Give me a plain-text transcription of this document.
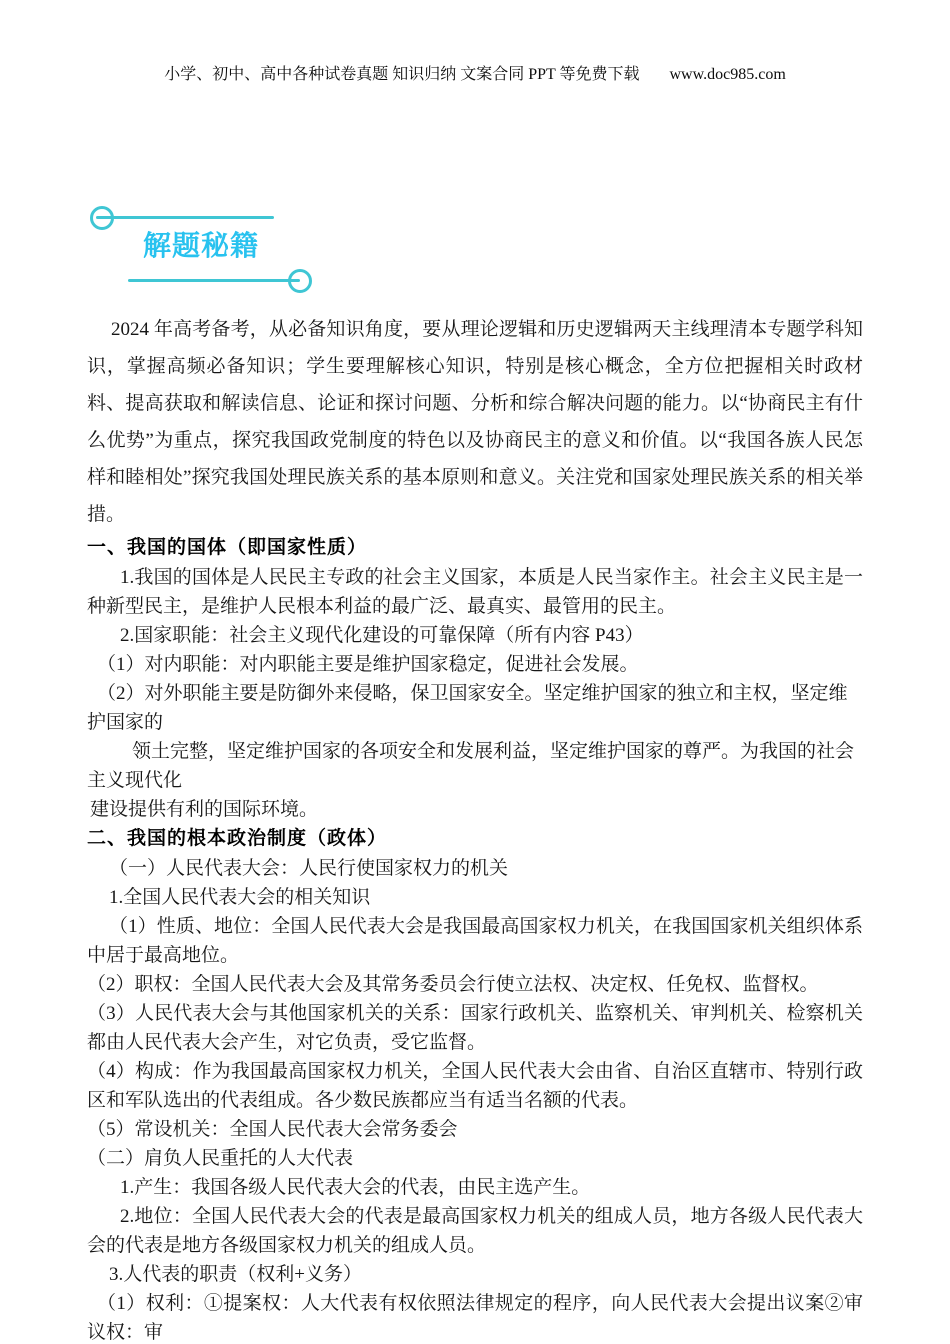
小学、初中、高中各种试卷真题 知识归纳 文案合同 PPT 等免费下载 www.doc985.com
解题秘籍

2024 年高考备考，从必备知识角度，要从理论逻辑和历史逻辑两天主线理清本专题学科知识，掌握高频必备知识；学生要理解核心知识，特别是核心概念，全方位把握相关时政材料、提高获取和解读信息、论证和探讨问题、分析和综合解决问题的能力。以“协商民主有什么优势”为重点，探究我国政党制度的特色以及协商民主的意义和价值。以“我国各族人民怎样和睦相处”探究我国处理民族关系的基本原则和意义。关注党和国家处理民族关系的相关举措。

一、我国的国体（即国家性质）

1.我国的国体是人民民主专政的社会主义国家，本质是人民当家作主。社会主义民主是一种新型民主，是维护人民根本利益的最广泛、最真实、最管用的民主。

2.国家职能：社会主义现代化建设的可靠保障（所有内容 P43）

（1）对内职能：对内职能主要是维护国家稳定，促进社会发展。

（2）对外职能主要是防御外来侵略，保卫国家安全。坚定维护国家的独立和主权，坚定维护国家的

领土完整，坚定维护国家的各项安全和发展利益，坚定维护国家的尊严。为我国的社会主义现代化

建设提供有利的国际环境。

二、我国的根本政治制度（政体）

（一）人民代表大会：人民行使国家权力的机关

1.全国人民代表大会的相关知识

（1）性质、地位：全国人民代表大会是我国最高国家权力机关，在我国国家机关组织体系中居于最高地位。

（2）职权：全国人民代表大会及其常务委员会行使立法权、决定权、任免权、监督权。

（3）人民代表大会与其他国家机关的关系：国家行政机关、监察机关、审判机关、检察机关都由人民代表大会产生，对它负责，受它监督。

（4）构成：作为我国最高国家权力机关，全国人民代表大会由省、自治区直辖市、特别行政区和军队选出的代表组成。各少数民族都应当有适当名额的代表。

（5）常设机关：全国人民代表大会常务委会

（二）肩负人民重托的人大代表

1.产生：我国各级人民代表大会的代表，由民主选产生。

2.地位：全国人民代表大会的代表是最高国家权力机关的组成人员，地方各级人民代表大会的代表是地方各级国家权力机关的组成人员。

3.人代表的职责（权利+义务）

（1）权利：①提案权：人大代表有权依照法律规定的程序，向人民代表大会提出议案②审议权：审
